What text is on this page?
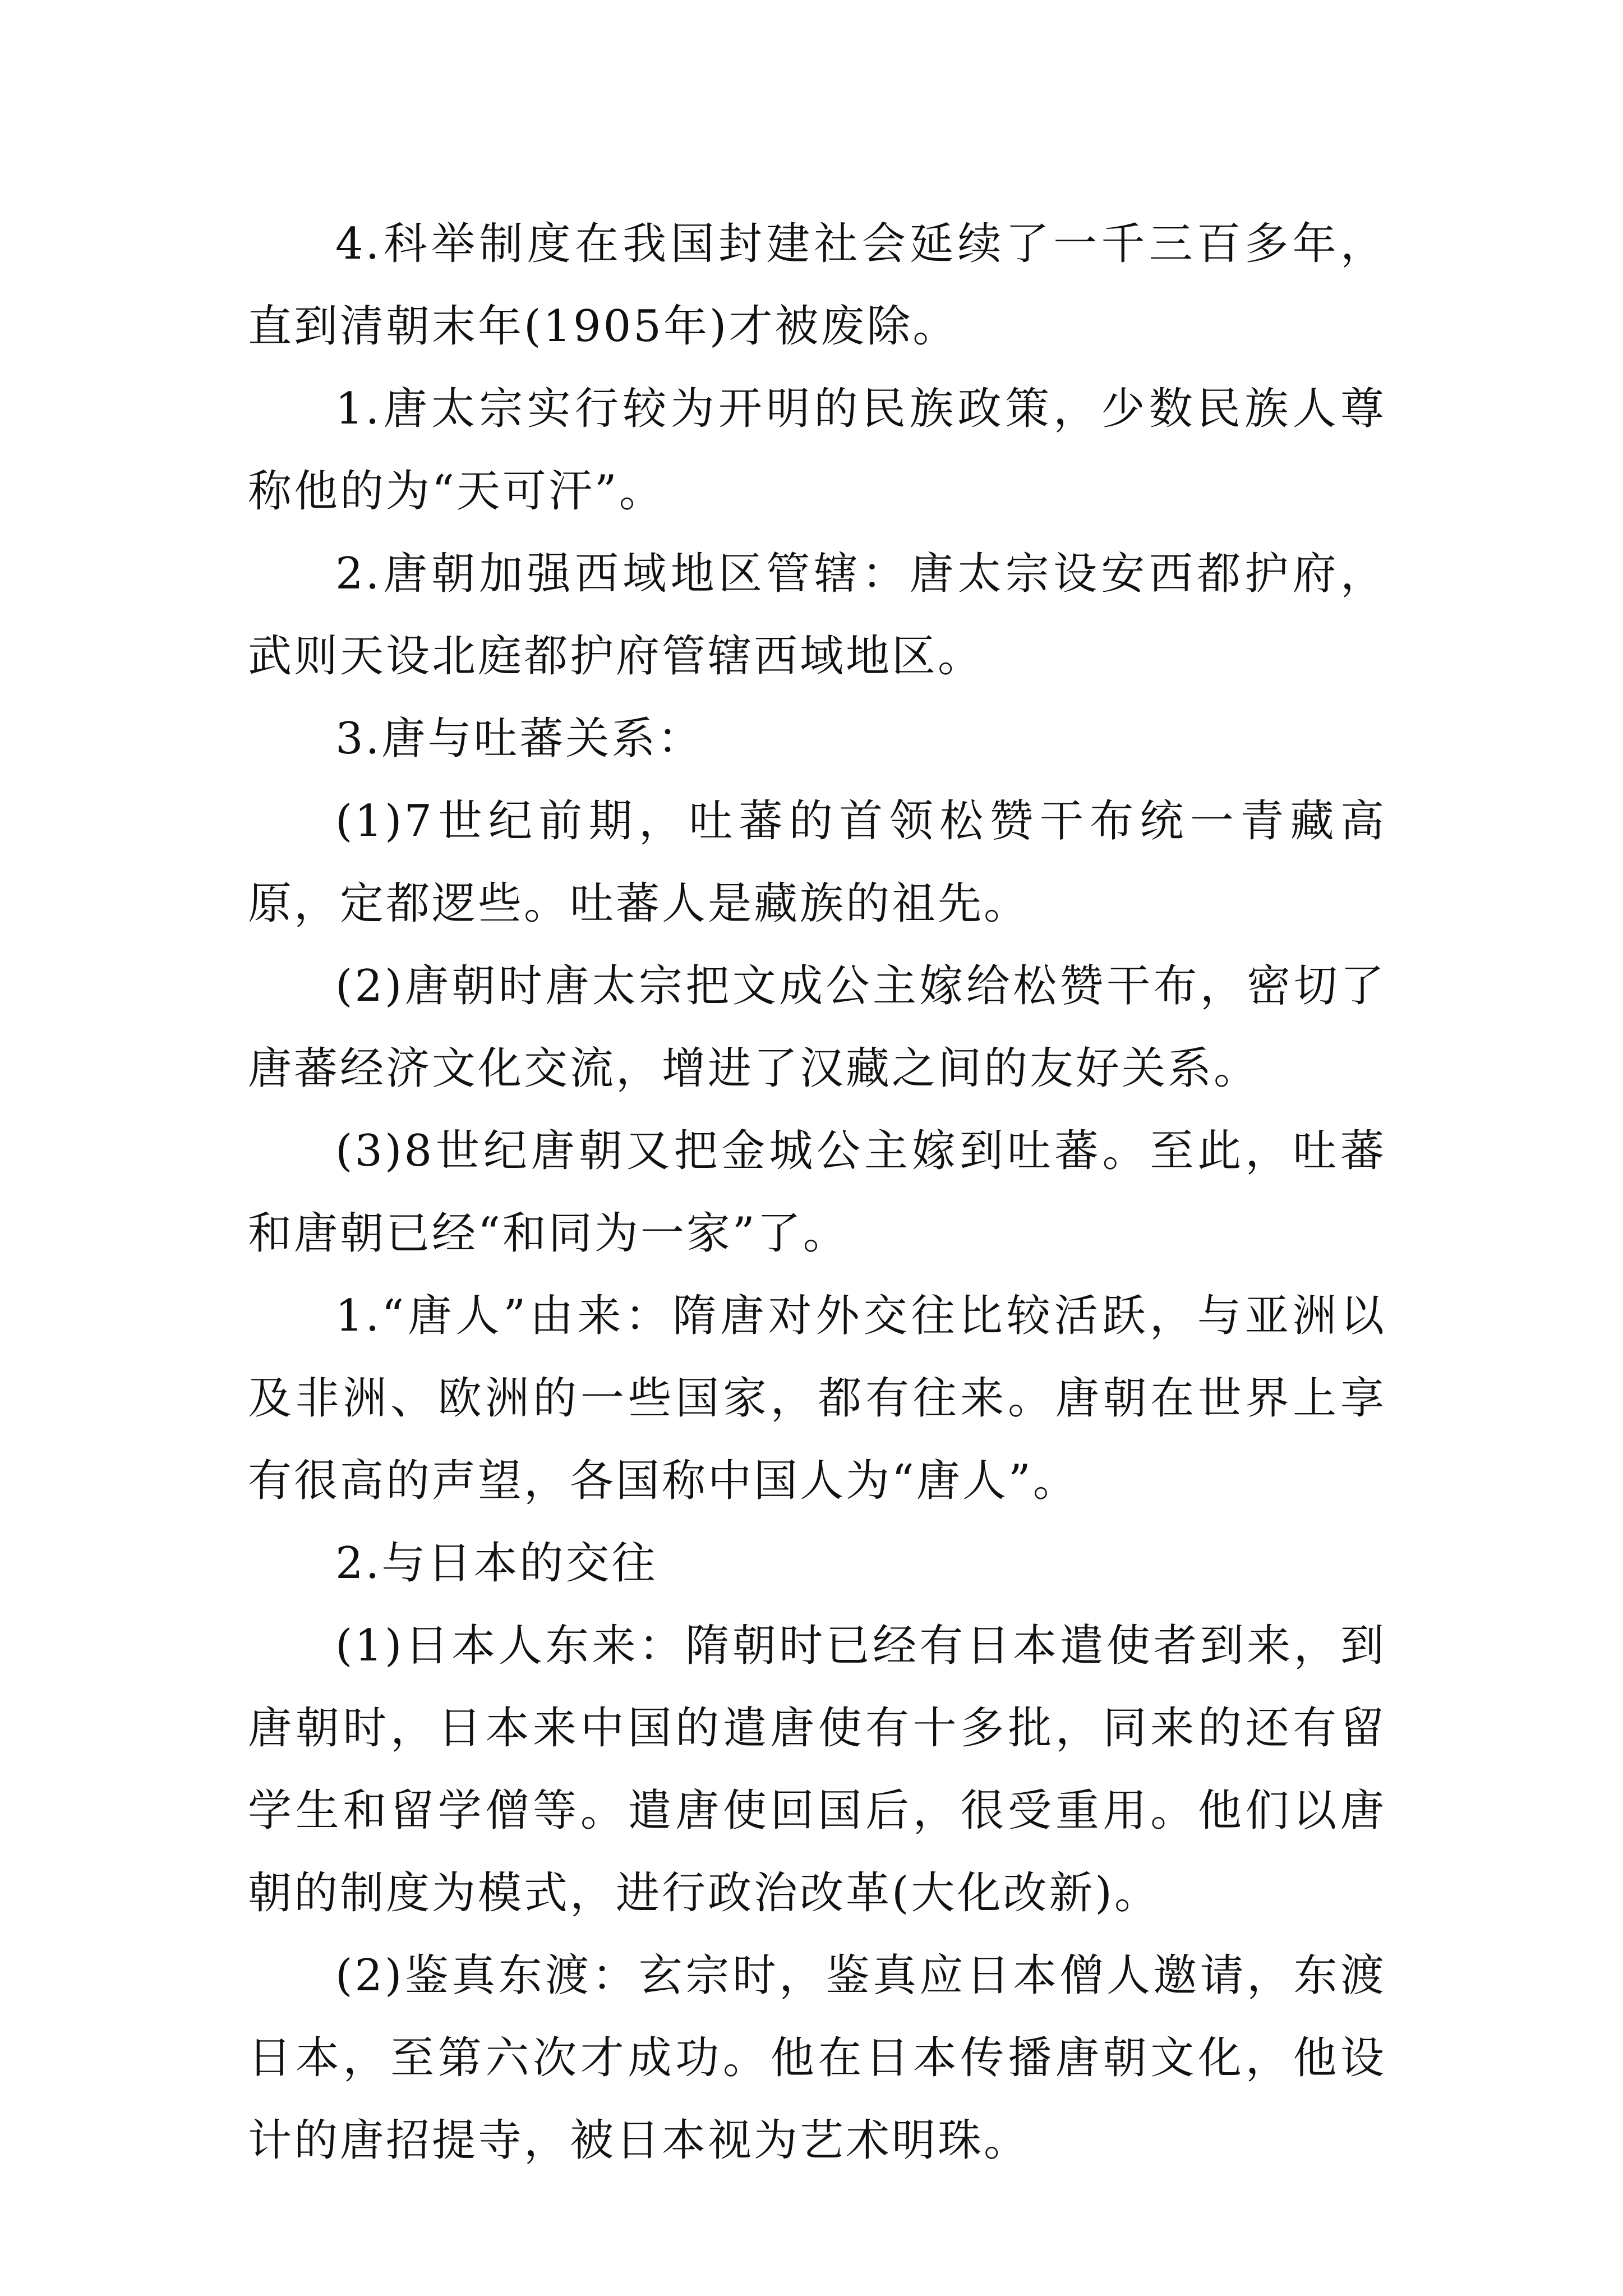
4.科举制度在我国封建社会延续了一千三百多年，直到清朝末年(1905年)才被废除。

1.唐太宗实行较为开明的民族政策，少数民族人尊称他的为“天可汗”。

2.唐朝加强西域地区管辖：唐太宗设安西都护府，武则天设北庭都护府管辖西域地区。

3.唐与吐蕃关系：

(1)7世纪前期，吐蕃的首领松赞干布统一青藏高原，定都逻些。吐蕃人是藏族的祖先。

(2)唐朝时唐太宗把文成公主嫁给松赞干布，密切了唐蕃经济文化交流，增进了汉藏之间的友好关系。

(3)8世纪唐朝又把金城公主嫁到吐蕃。至此，吐蕃和唐朝已经“和同为一家”了。

1.“唐人”由来：隋唐对外交往比较活跃，与亚洲以及非洲、欧洲的一些国家，都有往来。唐朝在世界上享有很高的声望，各国称中国人为“唐人”。

2.与日本的交往

(1)日本人东来：隋朝时已经有日本遣使者到来，到唐朝时，日本来中国的遣唐使有十多批，同来的还有留学生和留学僧等。遣唐使回国后，很受重用。他们以唐朝的制度为模式，进行政治改革(大化改新)。

(2)鉴真东渡：玄宗时，鉴真应日本僧人邀请，东渡日本，至第六次才成功。他在日本传播唐朝文化，他设计的唐招提寺，被日本视为艺术明珠。
